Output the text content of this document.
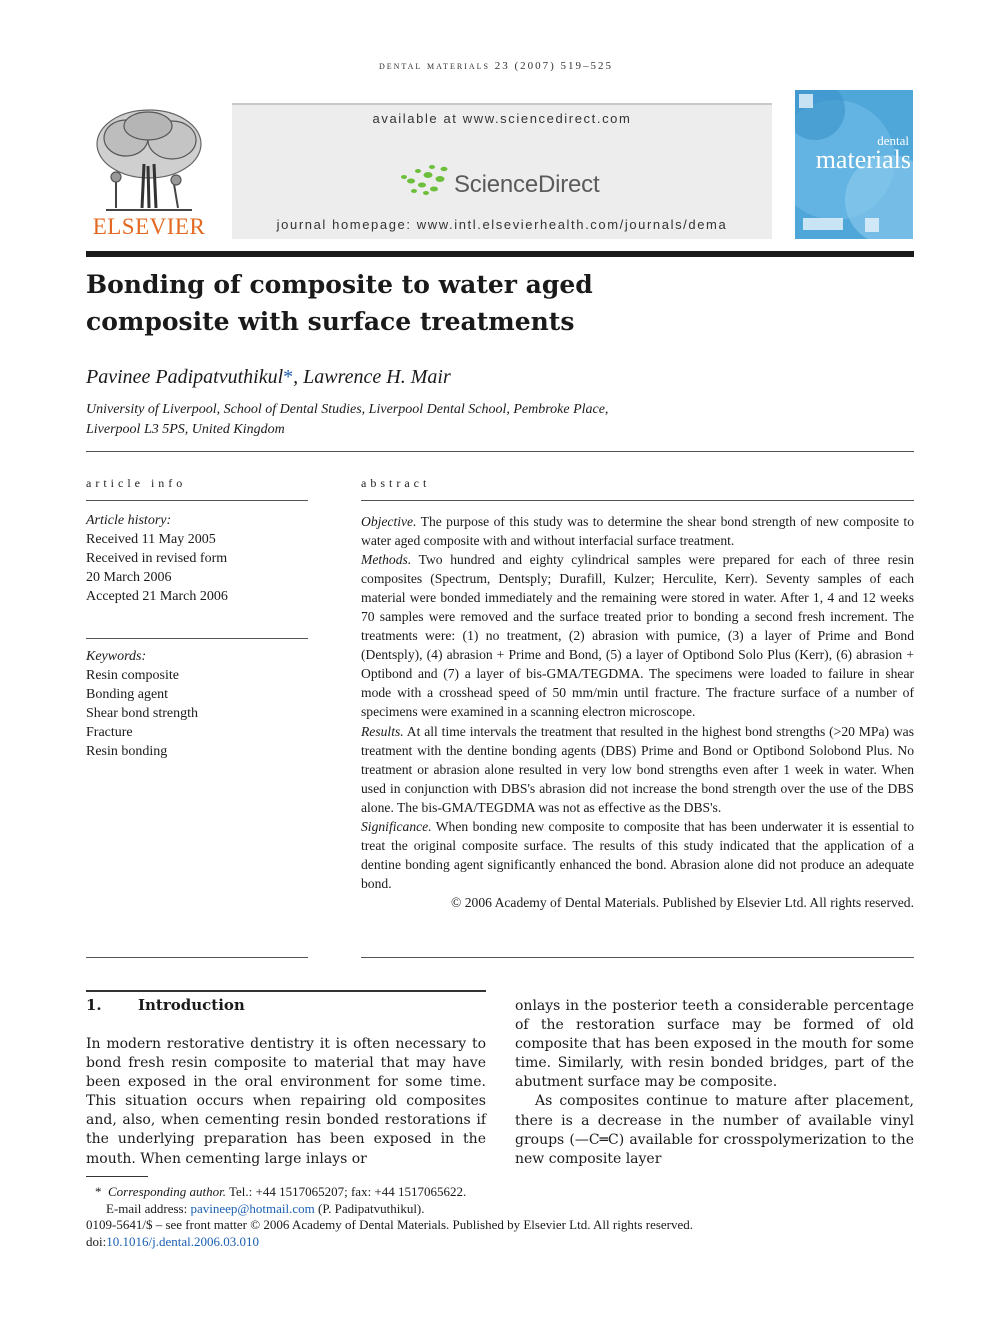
dental materials 23 (2007) 519–525
ELSEVIER
available at www.sciencedirect.com
ScienceDirect
journal homepage: www.intl.elsevierhealth.com/journals/dema
dental
materials
Bonding of composite to water aged composite with surface treatments
Pavinee Padipatvuthikul*, Lawrence H. Mair
University of Liverpool, School of Dental Studies, Liverpool Dental School, Pembroke Place,
Liverpool L3 5PS, United Kingdom
article info
Article history:
Received 11 May 2005
Received in revised form
20 March 2006
Accepted 21 March 2006
Keywords:
Resin composite
Bonding agent
Shear bond strength
Fracture
Resin bonding
abstract

Objective. The purpose of this study was to determine the shear bond strength of new composite to water aged composite with and without interfacial surface treatment.

Methods. Two hundred and eighty cylindrical samples were prepared for each of three resin composites (Spectrum, Dentsply; Durafill, Kulzer; Herculite, Kerr). Seventy samples of each material were bonded immediately and the remaining were stored in water. After 1, 4 and 12 weeks 70 samples were removed and the surface treated prior to bonding a second fresh increment. The treatments were: (1) no treatment, (2) abrasion with pumice, (3) a layer of Prime and Bond (Dentsply), (4) abrasion + Prime and Bond, (5) a layer of Optibond Solo Plus (Kerr), (6) abrasion + Optibond and (7) a layer of bis-GMA/TEGDMA. The specimens were loaded to failure in shear mode with a crosshead speed of 50 mm/min until fracture. The fracture surface of a number of specimens were examined in a scanning electron microscope.

Results. At all time intervals the treatment that resulted in the highest bond strengths (>20 MPa) was treatment with the dentine bonding agents (DBS) Prime and Bond or Optibond Solobond Plus. No treatment or abrasion alone resulted in very low bond strengths even after 1 week in water. When used in conjunction with DBS's abrasion did not increase the bond strength over the use of the DBS alone. The bis-GMA/TEGDMA was not as effective as the DBS's.

Significance. When bonding new composite to composite that has been underwater it is essential to treat the original composite surface. The results of this study indicated that the application of a dentine bonding agent significantly enhanced the bond. Abrasion alone did not produce an adequate bond.

© 2006 Academy of Dental Materials. Published by Elsevier Ltd. All rights reserved.

1. Introduction

In modern restorative dentistry it is often necessary to bond fresh resin composite to material that may have been exposed in the oral environment for some time. This situation occurs when repairing old composites and, also, when cementing resin bonded restorations if the underlying preparation has been exposed in the mouth. When cementing large inlays or

onlays in the posterior teeth a considerable percentage of the restoration surface may be formed of old composite that has been exposed in the mouth for some time. Similarly, with resin bonded bridges, part of the abutment surface may be composite.

As composites continue to mature after placement, there is a decrease in the number of available vinyl groups (—C═C) available for crosspolymerization to the new composite layer

* Corresponding author. Tel.: +44 1517065207; fax: +44 1517065622.
E-mail address: pavineep@hotmail.com (P. Padipatvuthikul).
0109-5641/$ – see front matter © 2006 Academy of Dental Materials. Published by Elsevier Ltd. All rights reserved.
doi:10.1016/j.dental.2006.03.010
